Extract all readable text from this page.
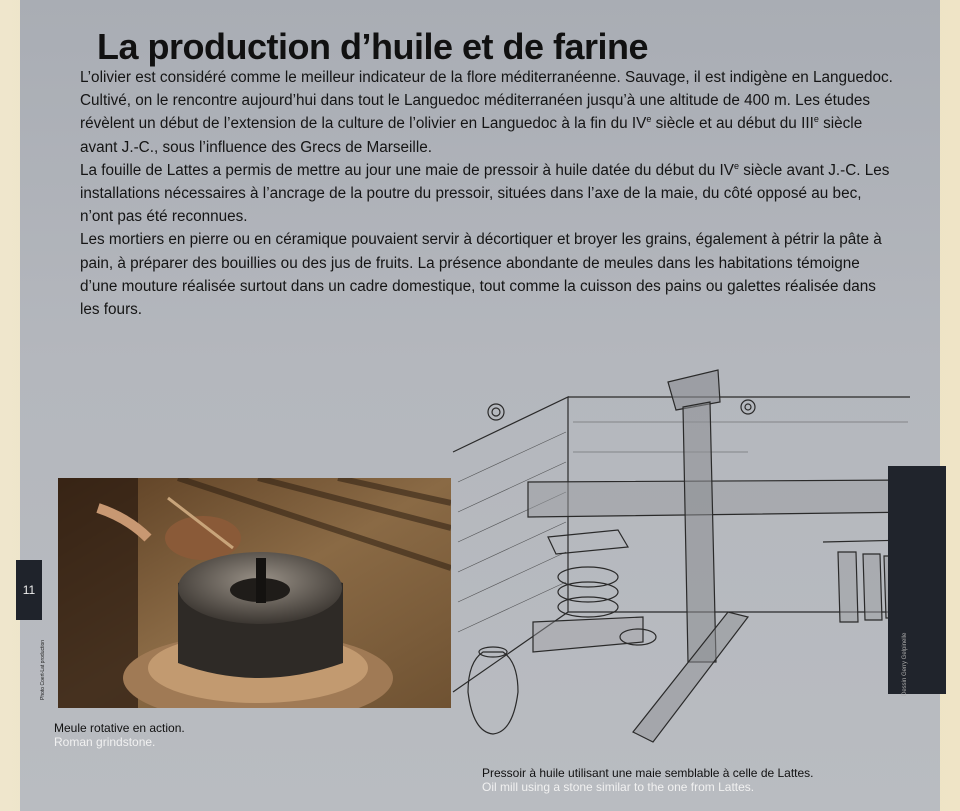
La production d’huile et de farine

L’olivier est considéré comme le meilleur indicateur de la flore méditerranéenne. Sauvage, il est indigène en Languedoc. Cultivé, on le rencontre aujourd’hui dans tout le Languedoc méditerranéen jusqu’à une altitude de 400 m. Les études révèlent un début de l’extension de la culture de l’olivier en Languedoc à la fin du IVe siècle et au début du IIIe siècle avant J.-C., sous l’influence des Grecs de Marseille.

La fouille de Lattes a permis de mettre au jour une maie de pressoir à huile datée du début du IVe siècle avant J.-C. Les installations nécessaires à l’ancrage de la poutre du pressoir, situées dans l’axe de la maie, du côté opposé au bec, n’ont pas été reconnues.

Les mortiers en pierre ou en céramique pouvaient servir à décortiquer et broyer les grains, également à pétrir la pâte à pain, à préparer des bouillies ou des jus de fruits. La présence abondante de meules dans les habitations témoigne d’une mouture réalisée surtout dans un cadre domestique, tout comme la cuisson des pains ou galettes réalisée dans les fours.

11
Photo Coert-Lat production
Meule rotative en action.
Roman grindstone.
Dessin Gerry Gelpinelle
Pressoir à huile utilisant une maie semblable à celle de Lattes.
Oil mill using a stone similar to the one from Lattes.
